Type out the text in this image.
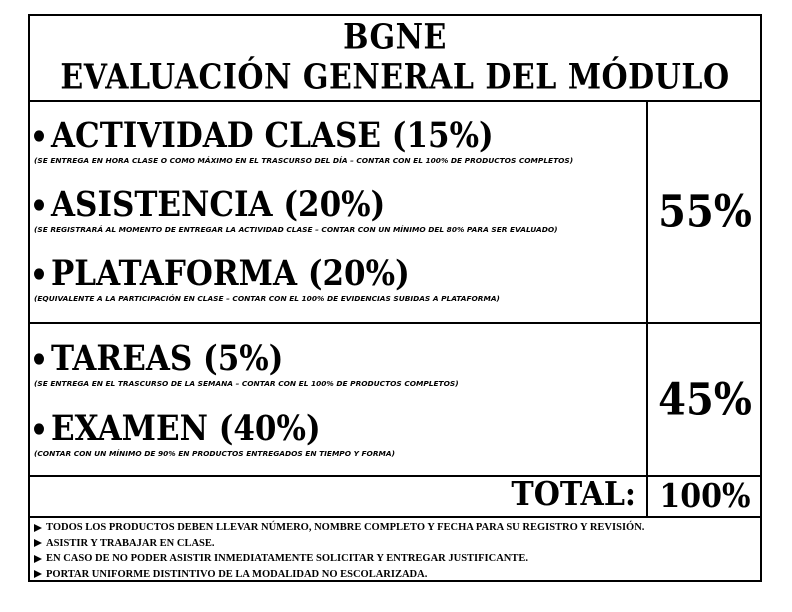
BGNE
EVALUACIÓN GENERAL DEL MÓDULO
ACTIVIDAD CLASE (15%)
(SE ENTREGA EN HORA CLASE O COMO MÁXIMO EN EL TRASCURSO DEL DÍA – CONTAR CON EL 100% DE PRODUCTOS COMPLETOS)
ASISTENCIA (20%)
(SE REGISTRARÁ AL MOMENTO DE ENTREGAR LA ACTIVIDAD CLASE – CONTAR CON UN MÍNIMO DEL 80% PARA SER EVALUADO)
PLATAFORMA (20%)
(EQUIVALENTE A LA PARTICIPACIÓN EN CLASE – CONTAR CON EL 100% DE EVIDENCIAS SUBIDAS A PLATAFORMA)
55%
TAREAS (5%)
(SE ENTREGA EN EL TRASCURSO DE LA SEMANA – CONTAR CON EL 100% DE PRODUCTOS COMPLETOS)
EXAMEN (40%)
(CONTAR CON UN MÍNIMO DE 90% EN PRODUCTOS ENTREGADOS EN TIEMPO Y FORMA)
45%
TOTAL: 100%
TODOS LOS PRODUCTOS DEBEN LLEVAR NÚMERO, NOMBRE COMPLETO Y FECHA PARA SU REGISTRO Y REVISIÓN.
ASISTIR Y TRABAJAR EN CLASE.
EN CASO DE NO PODER ASISTIR INMEDIATAMENTE SOLICITAR Y ENTREGAR JUSTIFICANTE.
PORTAR UNIFORME DISTINTIVO DE LA MODALIDAD NO ESCOLARIZADA.
